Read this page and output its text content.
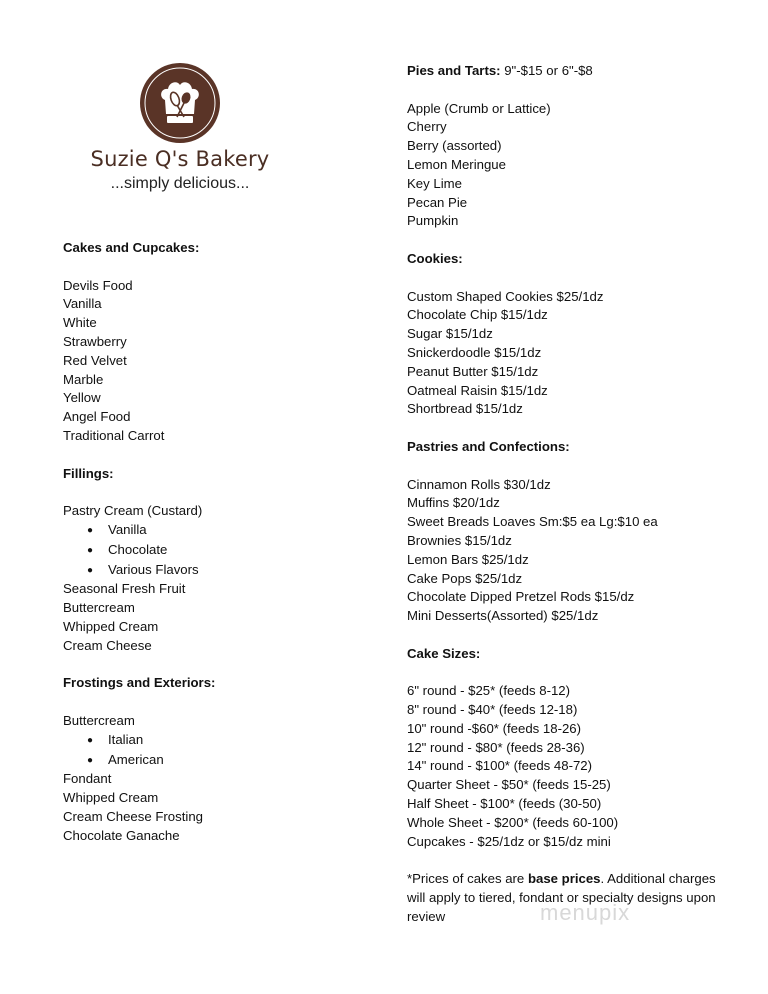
Suzie Q's Bakery
...simply delicious...
Cakes and Cupcakes:
Devils Food
Vanilla
White
Strawberry
Red Velvet
Marble
Yellow
Angel Food
Traditional Carrot
Fillings:
Pastry Cream (Custard)
● Vanilla
● Chocolate
● Various Flavors
Seasonal Fresh Fruit
Buttercream
Whipped Cream
Cream Cheese
Frostings and Exteriors:
Buttercream
● Italian
● American
Fondant
Whipped Cream
Cream Cheese Frosting
Chocolate Ganache
Pies and Tarts: 9"-$15 or 6"-$8
Apple (Crumb or Lattice)
Cherry
Berry (assorted)
Lemon Meringue
Key Lime
Pecan Pie
Pumpkin
Cookies:
Custom Shaped Cookies $25/1dz
Chocolate Chip $15/1dz
Sugar $15/1dz
Snickerdoodle $15/1dz
Peanut Butter $15/1dz
Oatmeal Raisin $15/1dz
Shortbread $15/1dz
Pastries and Confections:
Cinnamon Rolls $30/1dz
Muffins $20/1dz
Sweet Breads Loaves Sm:$5 ea Lg:$10 ea
Brownies $15/1dz
Lemon Bars $25/1dz
Cake Pops $25/1dz
Chocolate Dipped Pretzel Rods $15/dz
Mini Desserts(Assorted) $25/1dz
Cake Sizes:
6" round - $25* (feeds 8-12)
8" round - $40* (feeds 12-18)
10" round -$60* (feeds 18-26)
12" round - $80* (feeds 28-36)
14" round - $100* (feeds 48-72)
Quarter Sheet - $50* (feeds 15-25)
Half Sheet - $100* (feeds (30-50)
Whole Sheet - $200* (feeds 60-100)
Cupcakes - $25/1dz or $15/dz mini
*Prices of cakes are base prices. Additional charges will apply to tiered, fondant or specialty designs upon review	menupix
